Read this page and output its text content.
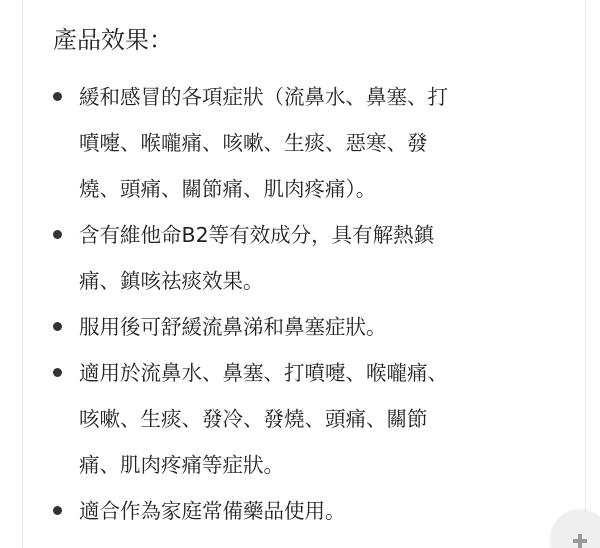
產品效果：
緩和感冒的各項症狀（流鼻水、鼻塞、打
噴嚏、喉嚨痛、咳嗽、生痰、惡寒、發
燒、頭痛、關節痛、肌肉疼痛）。
含有維他命B2等有效成分，具有解熱鎮
痛、鎮咳祛痰效果。
服用後可舒緩流鼻涕和鼻塞症狀。
適用於流鼻水、鼻塞、打噴嚏、喉嚨痛、
咳嗽、生痰、發冷、發燒、頭痛、關節
痛、肌肉疼痛等症狀。
適合作為家庭常備藥品使用。
